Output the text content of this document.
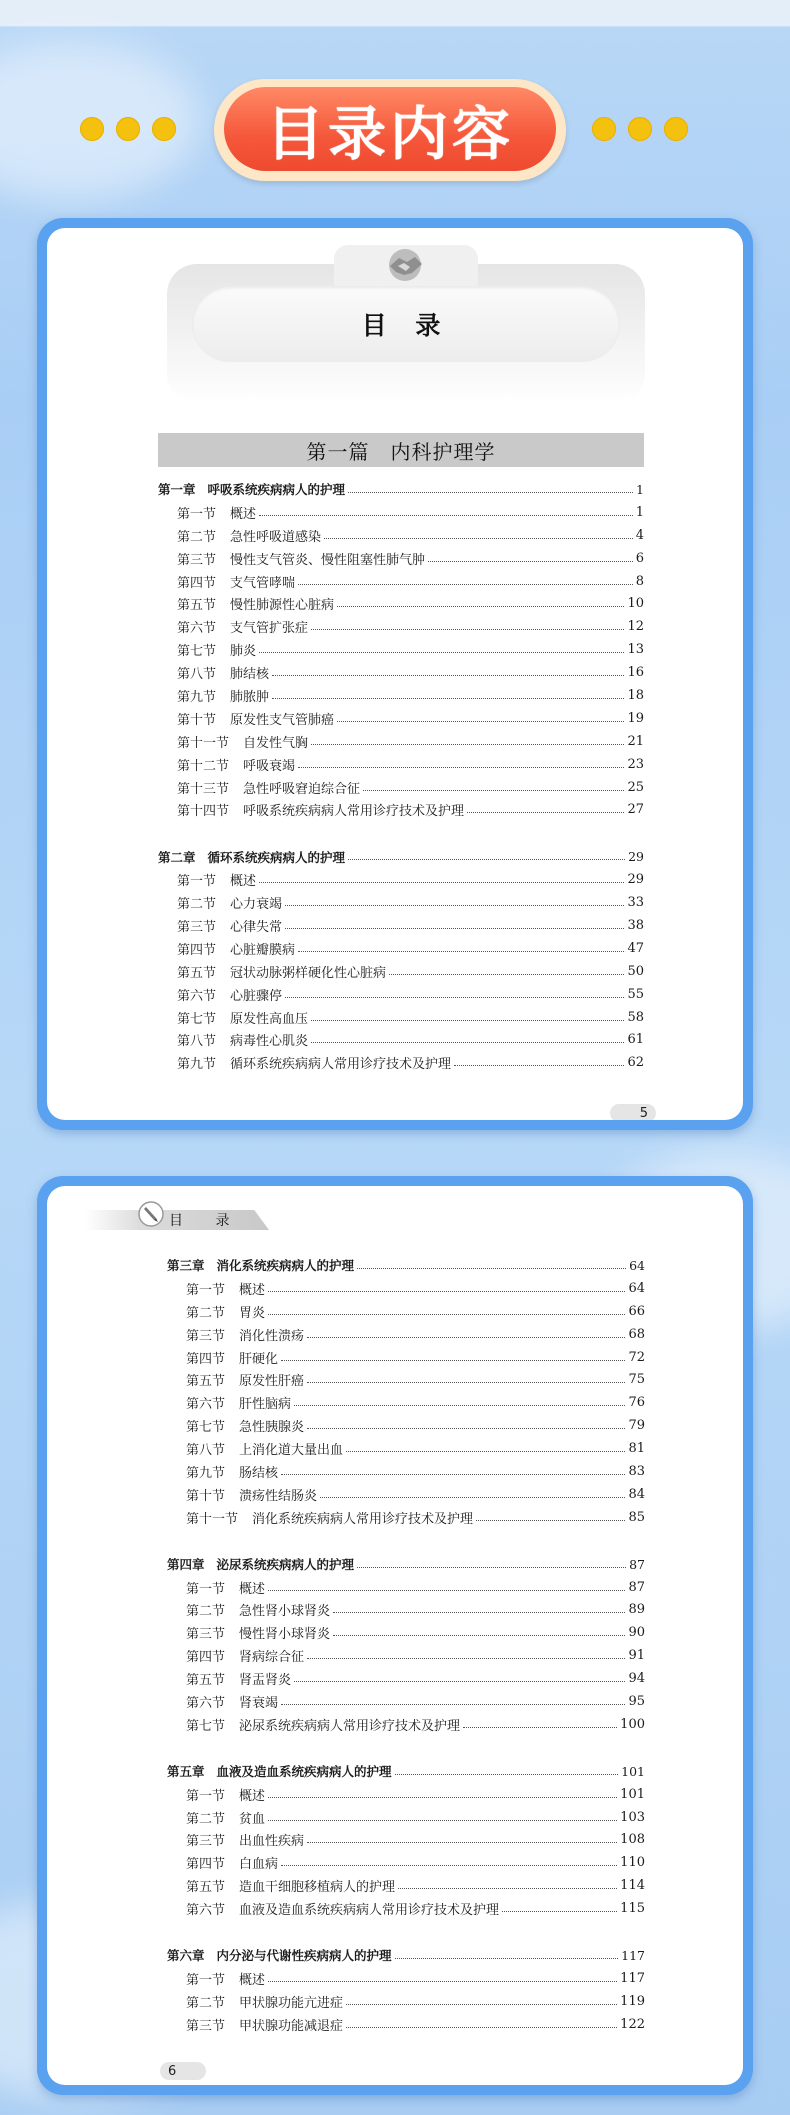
目录内容
目 录
第一篇　内科护理学
第一章 呼吸系统疾病病人的护理	1
第一节 概述	1
第二节 急性呼吸道感染	4
第三节 慢性支气管炎、慢性阻塞性肺气肿	6
第四节 支气管哮喘	8
第五节 慢性肺源性心脏病	10
第六节 支气管扩张症	12
第七节 肺炎	13
第八节 肺结核	16
第九节 肺脓肿	18
第十节 原发性支气管肺癌	19
第十一节 自发性气胸	21
第十二节 呼吸衰竭	23
第十三节 急性呼吸窘迫综合征	25
第十四节 呼吸系统疾病病人常用诊疗技术及护理	27
第二章 循环系统疾病病人的护理	29
第一节 概述	29
第二节 心力衰竭	33
第三节 心律失常	38
第四节 心脏瓣膜病	47
第五节 冠状动脉粥样硬化性心脏病	50
第六节 心脏骤停	55
第七节 原发性高血压	58
第八节 病毒性心肌炎	61
第九节 循环系统疾病病人常用诊疗技术及护理	62
5
目 录
第三章 消化系统疾病病人的护理	64
第一节 概述	64
第二节 胃炎	66
第三节 消化性溃疡	68
第四节 肝硬化	72
第五节 原发性肝癌	75
第六节 肝性脑病	76
第七节 急性胰腺炎	79
第八节 上消化道大量出血	81
第九节 肠结核	83
第十节 溃疡性结肠炎	84
第十一节 消化系统疾病病人常用诊疗技术及护理	85
第四章 泌尿系统疾病病人的护理	87
第一节 概述	87
第二节 急性肾小球肾炎	89
第三节 慢性肾小球肾炎	90
第四节 肾病综合征	91
第五节 肾盂肾炎	94
第六节 肾衰竭	95
第七节 泌尿系统疾病病人常用诊疗技术及护理	100
第五章 血液及造血系统疾病病人的护理	101
第一节 概述	101
第二节 贫血	103
第三节 出血性疾病	108
第四节 白血病	110
第五节 造血干细胞移植病人的护理	114
第六节 血液及造血系统疾病病人常用诊疗技术及护理	115
第六章 内分泌与代谢性疾病病人的护理	117
第一节 概述	117
第二节 甲状腺功能亢进症	119
第三节 甲状腺功能减退症	122
6
